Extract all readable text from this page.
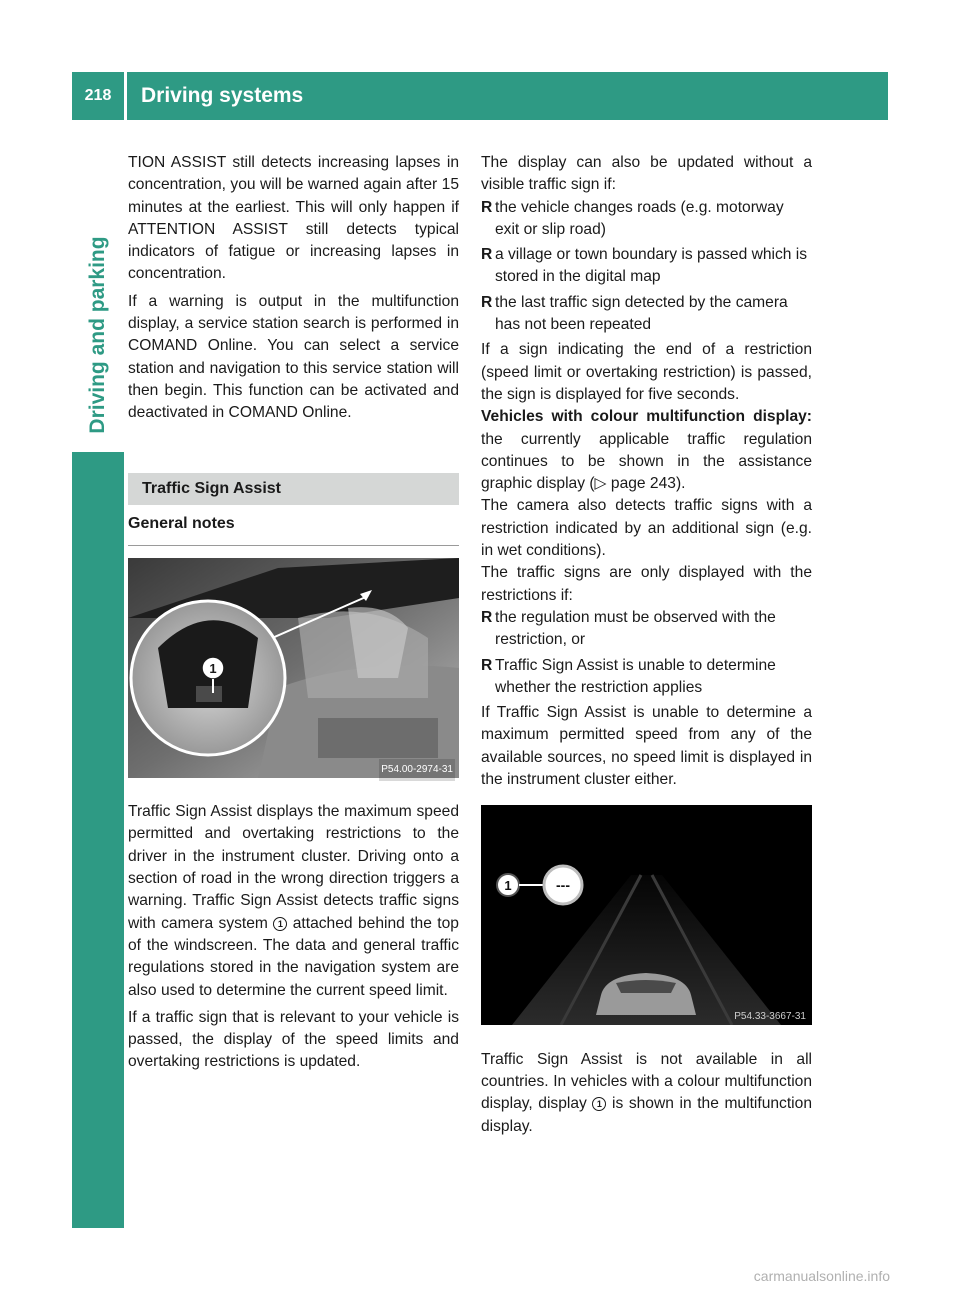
218	Driving systems
Driving and parking

TION ASSIST still detects increasing lapses in concentration, you will be warned again after 15 minutes at the earliest. This will only happen if ATTENTION ASSIST still detects typical indicators of fatigue or increasing lapses in concentration.

If a warning is output in the multifunction display, a service station search is performed in COMAND Online. You can select a service station and navigation to this service station will then begin. This function can be activated and deactivated in COMAND Online.

Traffic Sign Assist
General notes
1
P54.00-2974-31

Traffic Sign Assist displays the maximum speed permitted and overtaking restrictions to the driver in the instrument cluster. Driving onto a section of road in the wrong direction triggers a warning. Traffic Sign Assist detects traffic signs with camera system 1 attached behind the top of the windscreen. The data and general traffic regulations stored in the navigation system are also used to determine the current speed limit.

If a traffic sign that is relevant to your vehicle is passed, the display of the speed limits and overtaking restrictions is updated.

The display can also be updated without a visible traffic sign if:

R the vehicle changes roads (e.g. motorway exit or slip road)
R a village or town boundary is passed which is stored in the digital map
R the last traffic sign detected by the camera has not been repeated

If a sign indicating the end of a restriction (speed limit or overtaking restriction) is passed, the sign is displayed for five seconds.

Vehicles with colour multifunction display: the currently applicable traffic regulation continues to be shown in the assistance graphic display (▷ page 243).

The camera also detects traffic signs with a restriction indicated by an additional sign (e.g. in wet conditions).

The traffic signs are only displayed with the restrictions if:

R the regulation must be observed with the restriction, or
R Traffic Sign Assist is unable to determine whether the restriction applies

If Traffic Sign Assist is unable to determine a maximum permitted speed from any of the available sources, no speed limit is displayed in the instrument cluster either.

1	---
P54.33-3667-31

Traffic Sign Assist is not available in all countries. In vehicles with a colour multifunction display, display 1 is shown in the multifunction display.

carmanualsonline.info
